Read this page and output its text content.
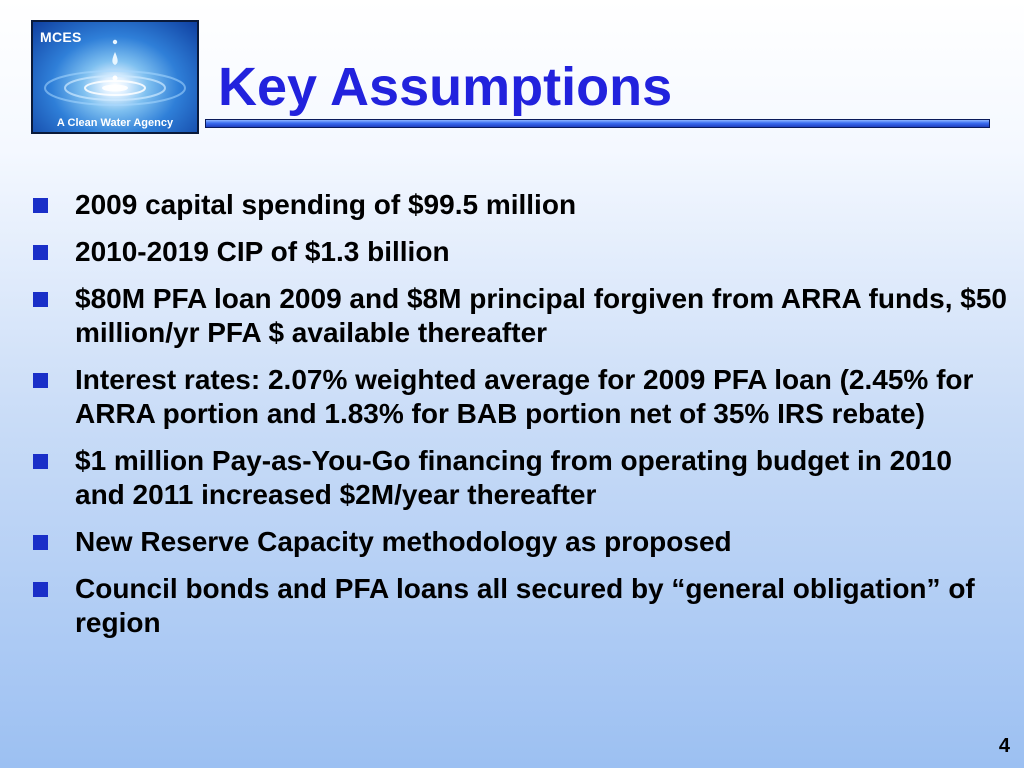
MCES
A Clean Water Agency
Key Assumptions
2009 capital spending of $99.5 million
2010-2019 CIP of $1.3 billion
$80M PFA loan 2009 and $8M principal forgiven from ARRA funds, $50 million/yr PFA $ available thereafter
Interest rates: 2.07% weighted average for 2009 PFA loan (2.45% for ARRA portion and 1.83% for BAB portion net of 35% IRS rebate)
$1 million Pay-as-You-Go financing from operating budget in 2010 and 2011 increased $2M/year thereafter
New Reserve Capacity methodology as proposed
Council bonds and PFA loans all secured by “general obligation” of region
4
